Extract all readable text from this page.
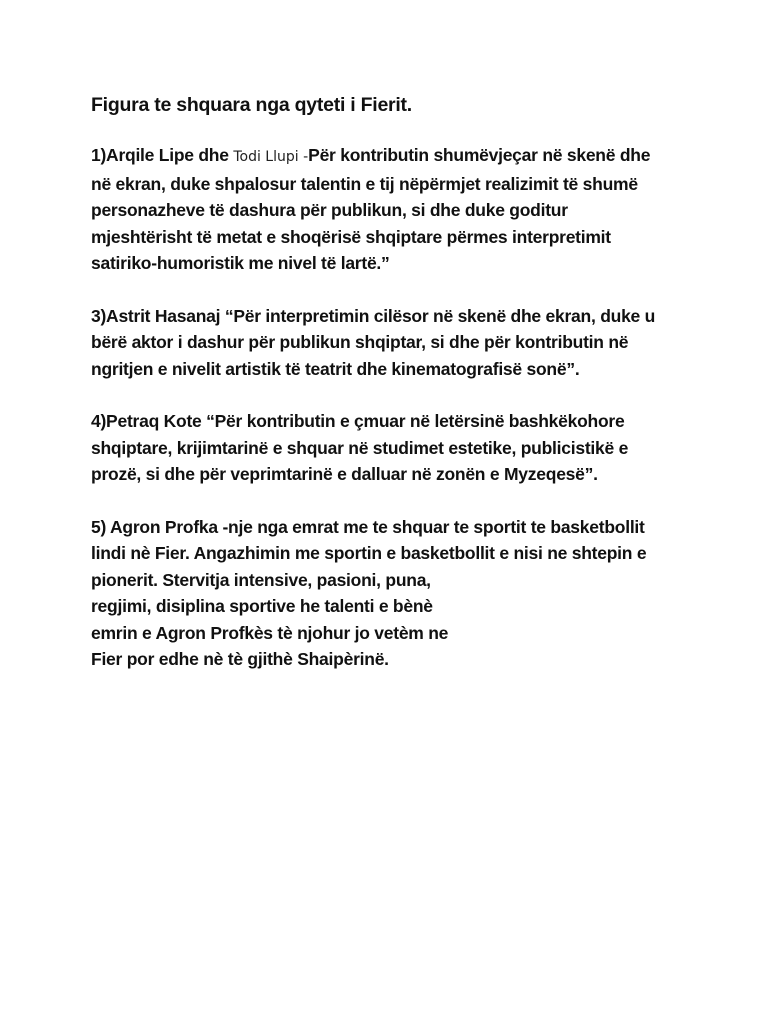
Figura te shquara nga qyteti i Fierit.
1)Arqile Lipe dhe Todi Llupi -Për kontributin shumëvjeçar në skenë dhe
në ekran, duke shpalosur talentin e tij nëpërmjet realizimit të shumë
personazheve të dashura për publikun, si dhe duke goditur
mjeshtërisht të metat e shoqërisë shqiptare përmes interpretimit
satiriko-humoristik me nivel të lartë.”
3)Astrit Hasanaj “Për interpretimin cilësor në skenë dhe ekran, duke u
bërë aktor i dashur për publikun shqiptar, si dhe për kontributin në
ngritjen e nivelit artistik të teatrit dhe kinematografisë sonë”.
4)Petraq Kote “Për kontributin e çmuar në letërsinë bashkëkohore
shqiptare, krijimtarinë e shquar në studimet estetike, publicistikë e
prozë, si dhe për veprimtarinë e dalluar në zonën e Myzeqesë”.
5) Agron Profka -nje nga emrat me te shquar te sportit te basketbollit
lindi nè Fier. Angazhimin me sportin e basketbollit e nisi ne shtepin e
pionerit. Stervitja intensive, pasioni, puna,
regjimi, disiplina sportive he talenti e bènè
emrin e Agron Profkès tè njohur jo vetèm ne
Fier por edhe nè tè gjithè Shaipèrinë.
